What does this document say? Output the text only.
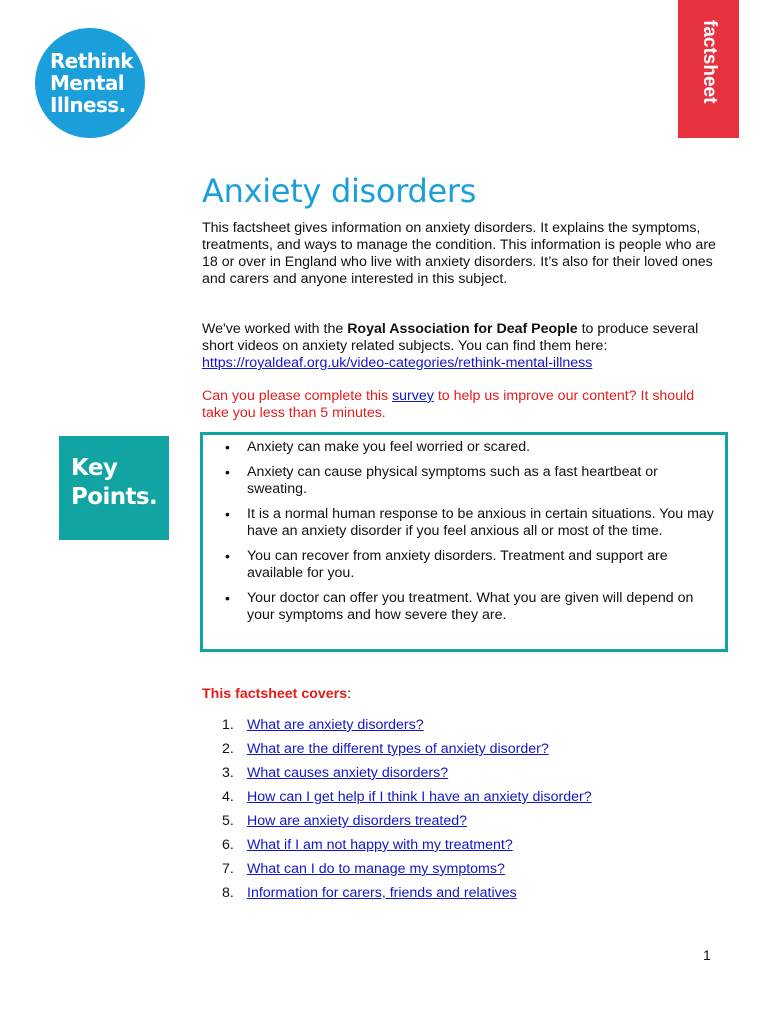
Rethink
Mental
Illness.
factsheet
Anxiety disorders

This factsheet gives information on anxiety disorders. It explains the symptoms, treatments, and ways to manage the condition. This information is people who are 18 or over in England who live with anxiety disorders. It’s also for their loved ones and carers and anyone interested in this subject.

We've worked with the Royal Association for Deaf People to produce several short videos on anxiety related subjects. You can find them here:
https://royaldeaf.org.uk/video-categories/rethink-mental-illness

Can you please complete this survey to help us improve our content? It should take you less than 5 minutes.

Key
Points.
• Anxiety can make you feel worried or scared.
• Anxiety can cause physical symptoms such as a fast heartbeat or sweating.
• It is a normal human response to be anxious in certain situations. You may have an anxiety disorder if you feel anxious all or most of the time.
• You can recover from anxiety disorders. Treatment and support are available for you.
• Your doctor can offer you treatment. What you are given will depend on your symptoms and how severe they are.
This factsheet covers:
1. What are anxiety disorders?
2. What are the different types of anxiety disorder?
3. What causes anxiety disorders?
4. How can I get help if I think I have an anxiety disorder?
5. How are anxiety disorders treated?
6. What if I am not happy with my treatment?
7. What can I do to manage my symptoms?
8. Information for carers, friends and relatives
1
